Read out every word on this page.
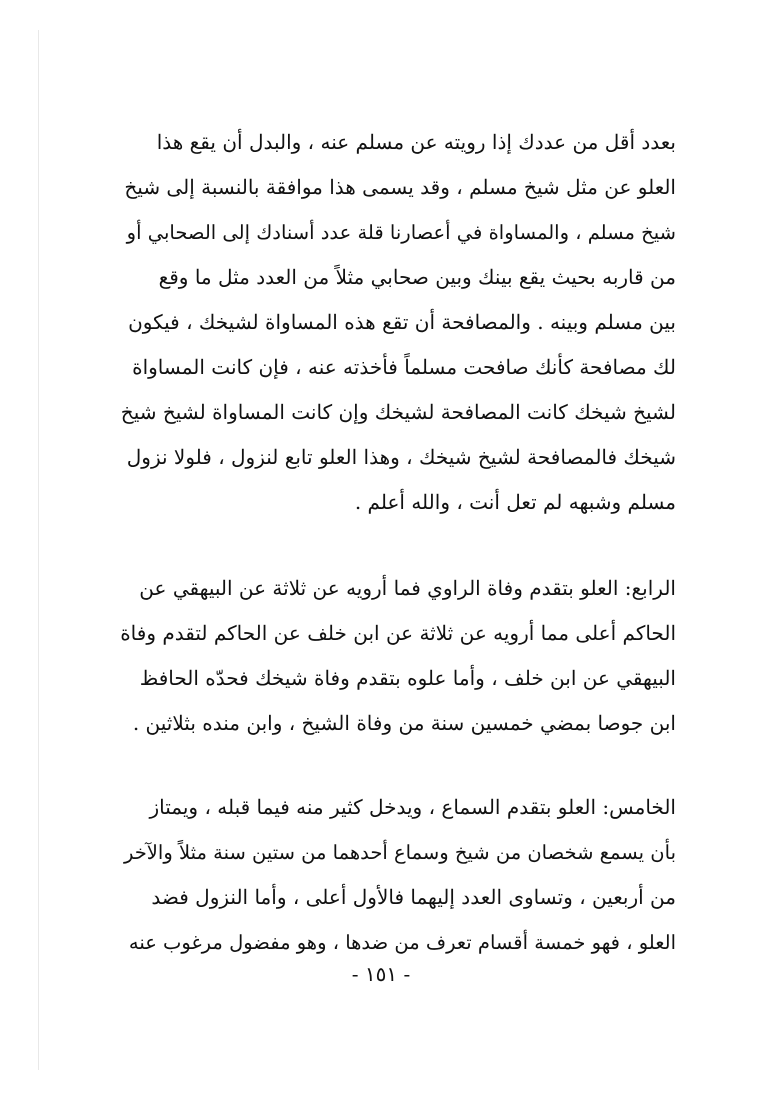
بعدد أقل من عددك إذا رويته عن مسلم عنه ، والبدل أن يقع هذا
العلو عن مثل شيخ مسلم ، وقد يسمى هذا موافقة بالنسبة إلى شيخ
شيخ مسلم ، والمساواة في أعصارنا قلة عدد أسنادك إلى الصحابي أو
من قاربه بحيث يقع بينك وبين صحابي مثلاً من العدد مثل ما وقع
بين مسلم وبينه . والمصافحة أن تقع هذه المساواة لشيخك ، فيكون
لك مصافحة كأنك صافحت مسلماً فأخذته عنه ، فإن كانت المساواة
لشيخ شيخك كانت المصافحة لشيخك وإن كانت المساواة لشيخ شيخ
شيخك فالمصافحة لشيخ شيخك ، وهذا العلو تابع لنزول ، فلولا نزول
مسلم وشبهه لم تعل أنت ، والله أعلم .
الرابع: العلو بتقدم وفاة الراوي فما أرويه عن ثلاثة عن البيهقي عن
الحاكم أعلى مما أرويه عن ثلاثة عن ابن خلف عن الحاكم لتقدم وفاة
البيهقي عن ابن خلف ، وأما علوه بتقدم وفاة شيخك فحدّه الحافظ
ابن جوصا بمضي خمسين سنة من وفاة الشيخ ، وابن منده بثلاثين .
الخامس: العلو بتقدم السماع ، ويدخل كثير منه فيما قبله ، ويمتاز
بأن يسمع شخصان من شيخ وسماع أحدهما من ستين سنة مثلاً والآخر
من أربعين ، وتساوى العدد إليهما فالأول أعلى ، وأما النزول فضد
العلو ، فهو خمسة أقسام تعرف من ضدها ، وهو مفضول مرغوب عنه
- ١٥١ -
